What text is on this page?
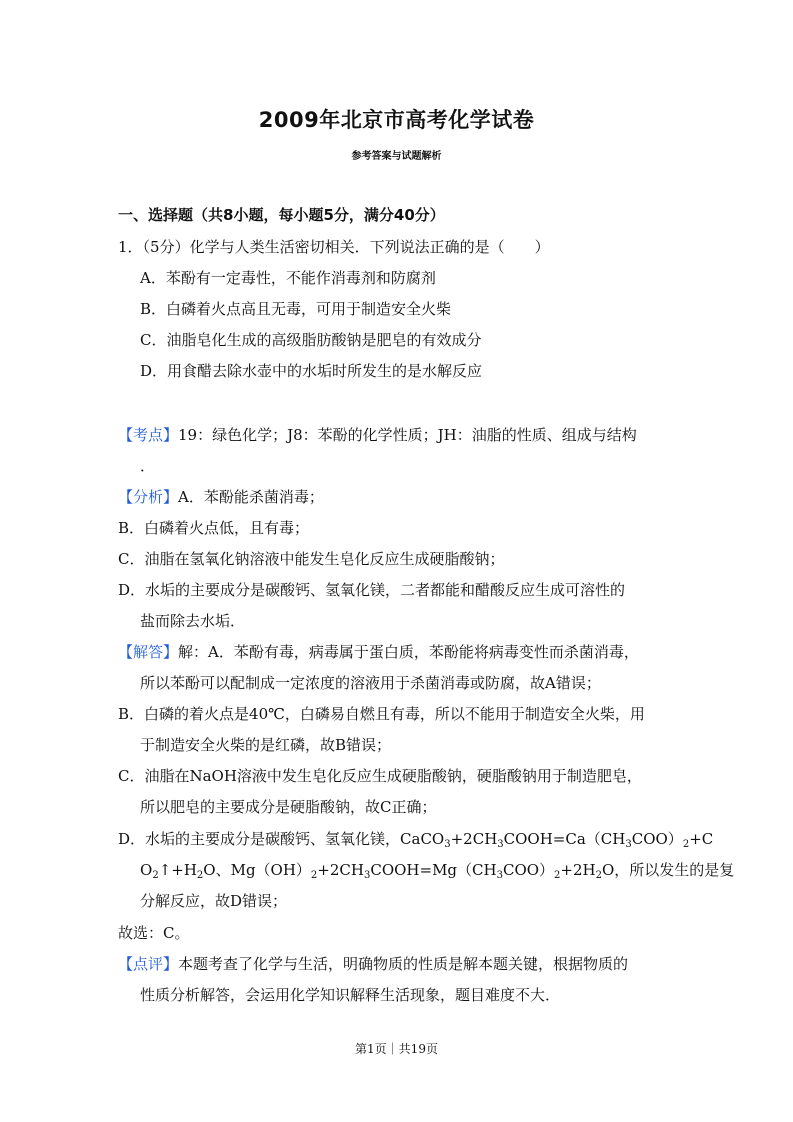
2009年北京市高考化学试卷
参考答案与试题解析
一、选择题（共8小题，每小题5分，满分40分）
1．（5分）化学与人类生活密切相关．下列说法正确的是（　　）
A．苯酚有一定毒性，不能作消毒剂和防腐剂
B．白磷着火点高且无毒，可用于制造安全火柴
C．油脂皂化生成的高级脂肪酸钠是肥皂的有效成分
D．用食醋去除水壶中的水垢时所发生的是水解反应
【考点】19：绿色化学；J8：苯酚的化学性质；JH：油脂的性质、组成与结构
．
【分析】A．苯酚能杀菌消毒；
B．白磷着火点低，且有毒；
C．油脂在氢氧化钠溶液中能发生皂化反应生成硬脂酸钠；
D．水垢的主要成分是碳酸钙、氢氧化镁，二者都能和醋酸反应生成可溶性的
盐而除去水垢．
【解答】解：A．苯酚有毒，病毒属于蛋白质，苯酚能将病毒变性而杀菌消毒，
所以苯酚可以配制成一定浓度的溶液用于杀菌消毒或防腐，故A错误；
B．白磷的着火点是40℃，白磷易自燃且有毒，所以不能用于制造安全火柴，用
于制造安全火柴的是红磷，故B错误；
C．油脂在NaOH溶液中发生皂化反应生成硬脂酸钠，硬脂酸钠用于制造肥皂，
所以肥皂的主要成分是硬脂酸钠，故C正确；
D．水垢的主要成分是碳酸钙、氢氧化镁，$CaCO_3+2CH_3COOH=Ca(CH_3COO)_2+C$
$O_2↑+H_2O$、$Mg(OH)_2+2CH_3COOH=Mg(CH_3COO)_2+2H_2O$，所以发生的是复
分解反应，故D错误；
故选：C。
【点评】本题考查了化学与生活，明确物质的性质是解本题关键，根据物质的
性质分析解答，会运用化学知识解释生活现象，题目难度不大．
第1页｜共19页
